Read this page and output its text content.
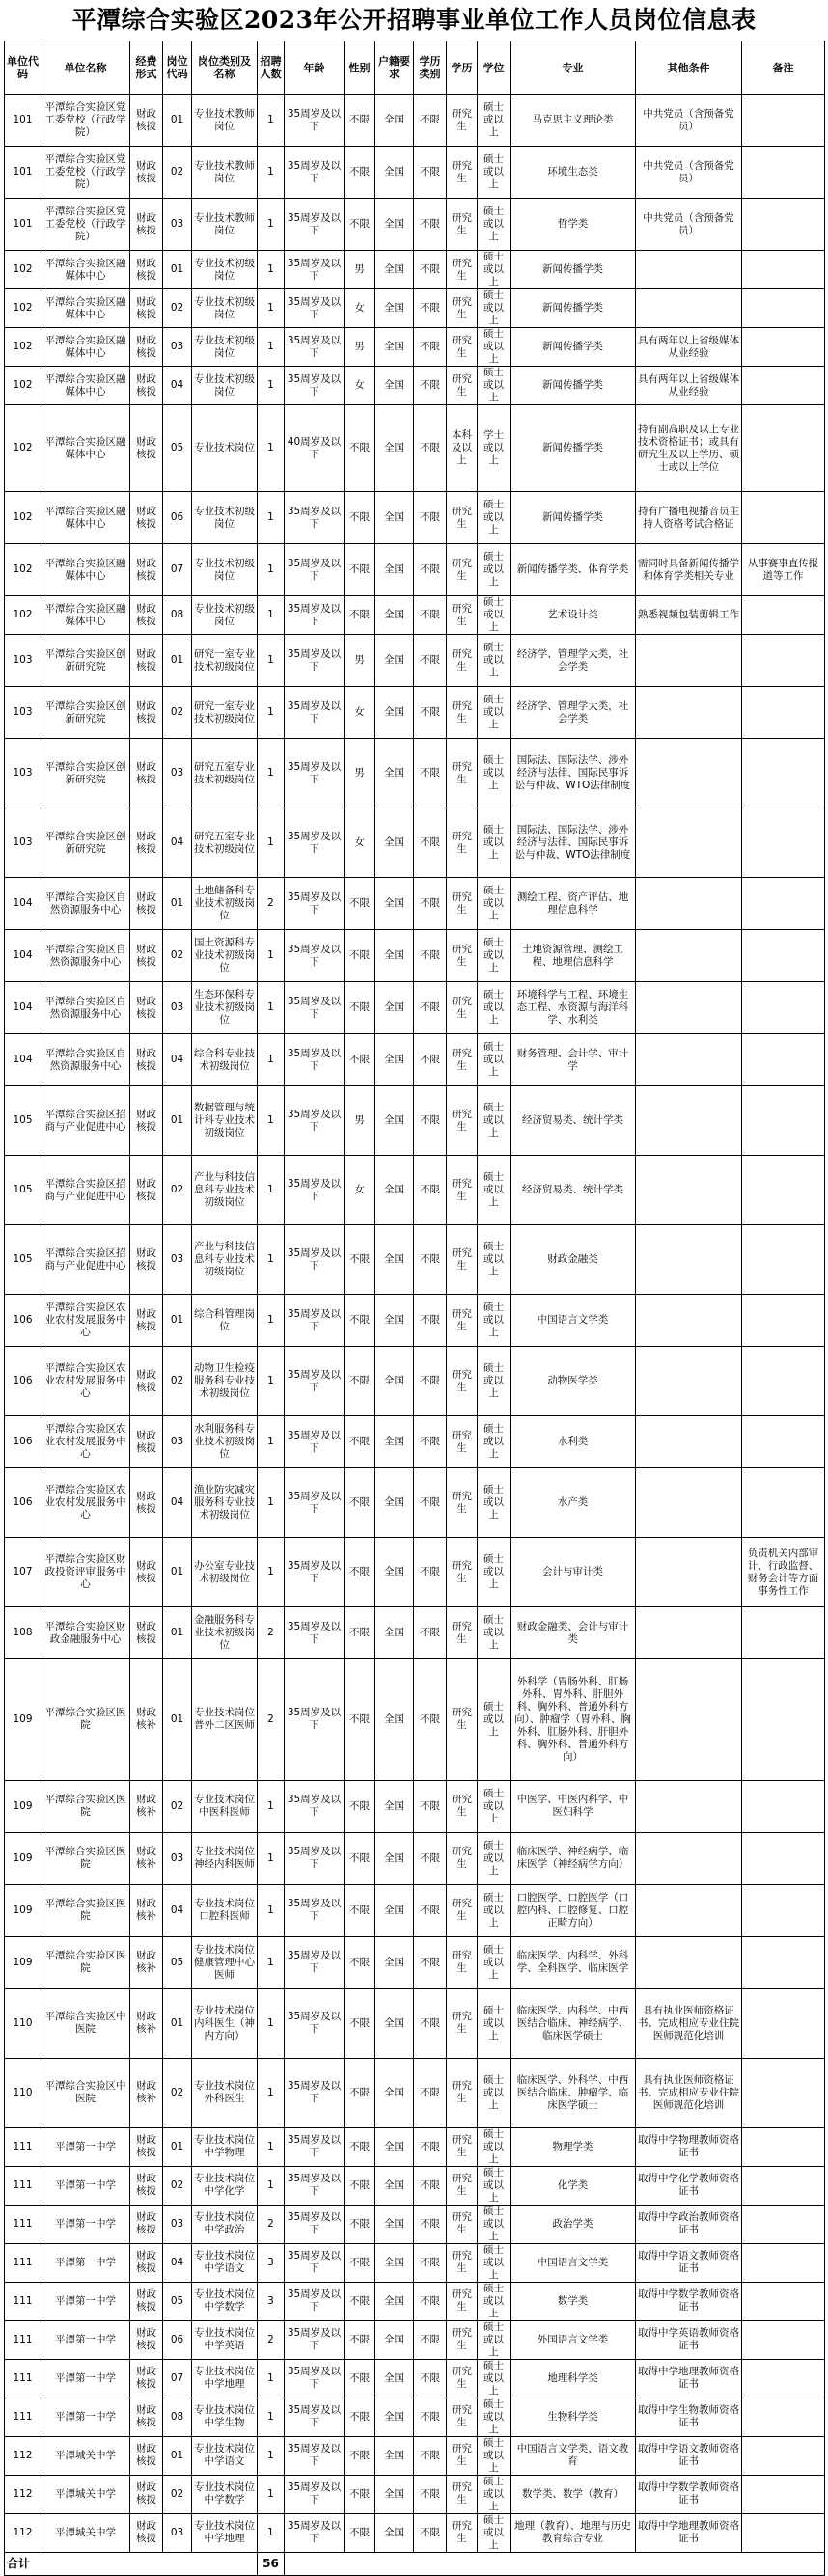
平潭综合实验区2023年公开招聘事业单位工作人员岗位信息表
单位代码	单位名称	经费形式	岗位代码	岗位类别及名称	招聘人数	年龄	性别	户籍要求	学历类别	学历	学位	专业	其他条件	备注
101	平潭综合实验区党工委党校（行政学院）	财政核拨	01	专业技术教师岗位	1	35周岁及以下	不限	全国	不限	研究生	硕士或以上	马克思主义理论类	中共党员（含预备党员）	
101	平潭综合实验区党工委党校（行政学院）	财政核拨	02	专业技术教师岗位	1	35周岁及以下	不限	全国	不限	研究生	硕士或以上	环境生态类	中共党员（含预备党员）	
101	平潭综合实验区党工委党校（行政学院）	财政核拨	03	专业技术教师岗位	1	35周岁及以下	不限	全国	不限	研究生	硕士或以上	哲学类	中共党员（含预备党员）	
102	平潭综合实验区融媒体中心	财政核拨	01	专业技术初级岗位	1	35周岁及以下	男	全国	不限	研究生	硕士或以上	新闻传播学类		
102	平潭综合实验区融媒体中心	财政核拨	02	专业技术初级岗位	1	35周岁及以下	女	全国	不限	研究生	硕士或以上	新闻传播学类		
102	平潭综合实验区融媒体中心	财政核拨	03	专业技术初级岗位	1	35周岁及以下	男	全国	不限	研究生	硕士或以上	新闻传播学类	具有两年以上省级媒体从业经验	
102	平潭综合实验区融媒体中心	财政核拨	04	专业技术初级岗位	1	35周岁及以下	女	全国	不限	研究生	硕士或以上	新闻传播学类	具有两年以上省级媒体从业经验	
102	平潭综合实验区融媒体中心	财政核拨	05	专业技术岗位	1	40周岁及以下	不限	全国	不限	本科及以上	学士或以上	新闻传播学类	持有副高职及以上专业技术资格证书；或具有研究生及以上学历、硕士或以上学位	
102	平潭综合实验区融媒体中心	财政核拨	06	专业技术初级岗位	1	35周岁及以下	不限	全国	不限	研究生	硕士或以上	新闻传播学类	持有广播电视播音员主持人资格考试合格证	
102	平潭综合实验区融媒体中心	财政核拨	07	专业技术初级岗位	1	35周岁及以下	不限	全国	不限	研究生	硕士或以上	新闻传播学类、体育学类	需同时具备新闻传播学和体育学类相关专业	从事赛事直传报道等工作
102	平潭综合实验区融媒体中心	财政核拨	08	专业技术初级岗位	1	35周岁及以下	不限	全国	不限	研究生	硕士或以上	艺术设计类	熟悉视频包装剪辑工作	
103	平潭综合实验区创新研究院	财政核拨	01	研究一室专业技术初级岗位	1	35周岁及以下	男	全国	不限	研究生	硕士或以上	经济学、管理学大类，社会学类		
103	平潭综合实验区创新研究院	财政核拨	02	研究一室专业技术初级岗位	1	35周岁及以下	女	全国	不限	研究生	硕士或以上	经济学、管理学大类，社会学类		
103	平潭综合实验区创新研究院	财政核拨	03	研究五室专业技术初级岗位	1	35周岁及以下	男	全国	不限	研究生	硕士或以上	国际法、国际法学、涉外经济与法律、国际民事诉讼与仲裁、WTO法律制度		
103	平潭综合实验区创新研究院	财政核拨	04	研究五室专业技术初级岗位	1	35周岁及以下	女	全国	不限	研究生	硕士或以上	国际法、国际法学、涉外经济与法律、国际民事诉讼与仲裁、WTO法律制度		
104	平潭综合实验区自然资源服务中心	财政核拨	01	土地储备科专业技术初级岗位	2	35周岁及以下	不限	全国	不限	研究生	硕士或以上	测绘工程、资产评估、地理信息科学		
104	平潭综合实验区自然资源服务中心	财政核拨	02	国土资源科专业技术初级岗位	1	35周岁及以下	不限	全国	不限	研究生	硕士或以上	土地资源管理、测绘工程、地理信息科学		
104	平潭综合实验区自然资源服务中心	财政核拨	03	生态环保科专业技术初级岗位	1	35周岁及以下	不限	全国	不限	研究生	硕士或以上	环境科学与工程、环境生态工程、水资源与海洋科学、水利类		
104	平潭综合实验区自然资源服务中心	财政核拨	04	综合科专业技术初级岗位	1	35周岁及以下	不限	全国	不限	研究生	硕士或以上	财务管理、会计学、审计学		
105	平潭综合实验区招商与产业促进中心	财政核拨	01	数据管理与统计科专业技术初级岗位	1	35周岁及以下	男	全国	不限	研究生	硕士或以上	经济贸易类、统计学类		
105	平潭综合实验区招商与产业促进中心	财政核拨	02	产业与科技信息科专业技术初级岗位	1	35周岁及以下	女	全国	不限	研究生	硕士或以上	经济贸易类、统计学类		
105	平潭综合实验区招商与产业促进中心	财政核拨	03	产业与科技信息科专业技术初级岗位	1	35周岁及以下	不限	全国	不限	研究生	硕士或以上	财政金融类		
106	平潭综合实验区农业农村发展服务中心	财政核拨	01	综合科管理岗位	1	35周岁及以下	不限	全国	不限	研究生	硕士或以上	中国语言文学类		
106	平潭综合实验区农业农村发展服务中心	财政核拨	02	动物卫生检疫服务科专业技术初级岗位	1	35周岁及以下	不限	全国	不限	研究生	硕士或以上	动物医学类		
106	平潭综合实验区农业农村发展服务中心	财政核拨	03	水利服务科专业技术初级岗位	1	35周岁及以下	不限	全国	不限	研究生	硕士或以上	水利类		
106	平潭综合实验区农业农村发展服务中心	财政核拨	04	渔业防灾减灾服务科专业技术初级岗位	1	35周岁及以下	不限	全国	不限	研究生	硕士或以上	水产类		
107	平潭综合实验区财政投资评审服务中心	财政核拨	01	办公室专业技术初级岗位	1	35周岁及以下	不限	全国	不限	研究生	硕士或以上	会计与审计类		负责机关内部审计、行政监督、财务会计等方面事务性工作
108	平潭综合实验区财政金融服务中心	财政核拨	01	金融服务科专业技术初级岗位	2	35周岁及以下	不限	全国	不限	研究生	硕士或以上	财政金融类、会计与审计类		
109	平潭综合实验区医院	财政核补	01	专业技术岗位普外二区医师	2	35周岁及以下	不限	全国	不限	研究生	硕士或以上	外科学（胃肠外科、肛肠外科、胃外科、肝胆外科、胸外科、普通外科方向）、肿瘤学（胃外科、胸外科、肛肠外科、肝胆外科、胸外科、普通外科方向）		
109	平潭综合实验区医院	财政核补	02	专业技术岗位中医科医师	1	35周岁及以下	不限	全国	不限	研究生	硕士或以上	中医学、中医内科学、中医妇科学		
109	平潭综合实验区医院	财政核补	03	专业技术岗位神经内科医师	1	35周岁及以下	不限	全国	不限	研究生	硕士或以上	临床医学、神经病学、临床医学（神经病学方向）		
109	平潭综合实验区医院	财政核补	04	专业技术岗位口腔科医师	1	35周岁及以下	不限	全国	不限	研究生	硕士或以上	口腔医学、口腔医学（口腔内科、口腔修复、口腔正畸方向）		
109	平潭综合实验区医院	财政核补	05	专业技术岗位健康管理中心医师	1	35周岁及以下	不限	全国	不限	研究生	硕士或以上	临床医学、内科学、外科学、全科医学、临床医学		
110	平潭综合实验区中医院	财政核补	01	专业技术岗位内科医生（神内方向）	1	35周岁及以下	不限	全国	不限	研究生	硕士或以上	临床医学、内科学、中西医结合临床、神经病学、临床医学硕士	具有执业医师资格证书、完成相应专业住院医师规范化培训	
110	平潭综合实验区中医院	财政核补	02	专业技术岗位外科医生	1	35周岁及以下	不限	全国	不限	研究生	硕士或以上	临床医学、外科学、中西医结合临床、肿瘤学、临床医学硕士	具有执业医师资格证书、完成相应专业住院医师规范化培训	
111	平潭第一中学	财政核拨	01	专业技术岗位中学物理	1	35周岁及以下	不限	全国	不限	研究生	硕士或以上	物理学类	取得中学物理教师资格证书	
111	平潭第一中学	财政核拨	02	专业技术岗位中学化学	1	35周岁及以下	不限	全国	不限	研究生	硕士或以上	化学类	取得中学化学教师资格证书	
111	平潭第一中学	财政核拨	03	专业技术岗位中学政治	2	35周岁及以下	不限	全国	不限	研究生	硕士或以上	政治学类	取得中学政治教师资格证书	
111	平潭第一中学	财政核拨	04	专业技术岗位中学语文	3	35周岁及以下	不限	全国	不限	研究生	硕士或以上	中国语言文学类	取得中学语文教师资格证书	
111	平潭第一中学	财政核拨	05	专业技术岗位中学数学	3	35周岁及以下	不限	全国	不限	研究生	硕士或以上	数学类	取得中学数学教师资格证书	
111	平潭第一中学	财政核拨	06	专业技术岗位中学英语	2	35周岁及以下	不限	全国	不限	研究生	硕士或以上	外国语言文学类	取得中学英语教师资格证书	
111	平潭第一中学	财政核拨	07	专业技术岗位中学地理	1	35周岁及以下	不限	全国	不限	研究生	硕士或以上	地理科学类	取得中学地理教师资格证书	
111	平潭第一中学	财政核拨	08	专业技术岗位中学生物	1	35周岁及以下	不限	全国	不限	研究生	硕士或以上	生物科学类	取得中学生物教师资格证书	
112	平潭城关中学	财政核拨	01	专业技术岗位中学语文	1	35周岁及以下	不限	全国	不限	研究生	硕士或以上	中国语言文学类、语文教育	取得中学语文教师资格证书	
112	平潭城关中学	财政核拨	02	专业技术岗位中学数学	1	35周岁及以下	不限	全国	不限	研究生	硕士或以上	数学类、数学（教育）	取得中学数学教师资格证书	
112	平潭城关中学	财政核拨	03	专业技术岗位中学地理	1	35周岁及以下	不限	全国	不限	研究生	硕士或以上	地理（教育）、地理与历史教育综合专业	取得中学地理教师资格证书	
合计					56									
